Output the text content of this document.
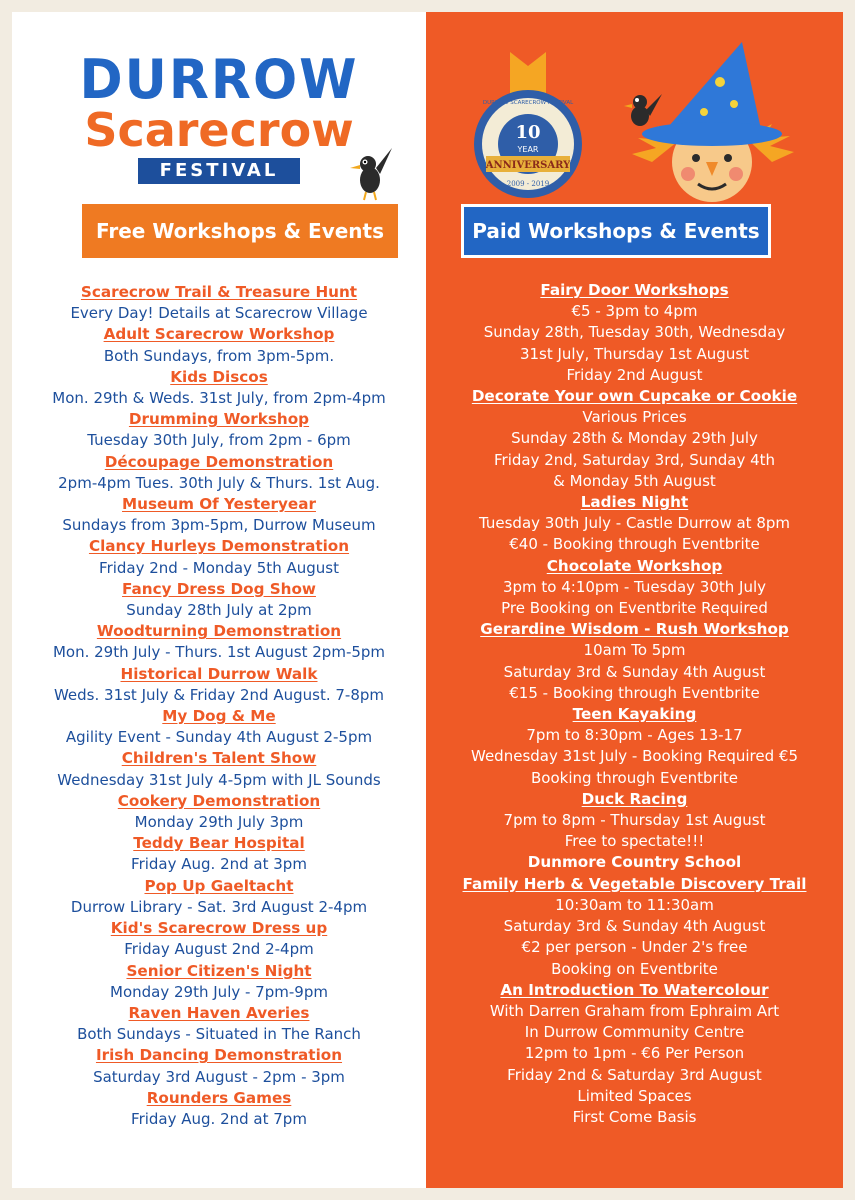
DURROW
Scarecrow
FESTIVAL
Free Workshops & Events
Scarecrow Trail & Treasure Hunt
Every Day! Details at Scarecrow Village
Adult Scarecrow Workshop
Both Sundays, from 3pm-5pm.
Kids Discos
Mon. 29th & Weds. 31st July, from 2pm-4pm
Drumming Workshop
Tuesday 30th July, from 2pm - 6pm
Découpage Demonstration
2pm-4pm Tues. 30th July & Thurs. 1st Aug.
Museum Of Yesteryear
Sundays from 3pm-5pm, Durrow Museum
Clancy Hurleys Demonstration
Friday 2nd - Monday 5th August
Fancy Dress Dog Show
Sunday 28th July at 2pm
Woodturning Demonstration
Mon. 29th July - Thurs. 1st August 2pm-5pm
Historical Durrow Walk
Weds. 31st July & Friday 2nd August. 7-8pm
My Dog & Me
Agility Event - Sunday 4th August 2-5pm
Children's Talent Show
Wednesday 31st July 4-5pm with JL Sounds
Cookery Demonstration
Monday 29th July 3pm
Teddy Bear Hospital
Friday Aug. 2nd at 3pm
Pop Up Gaeltacht
Durrow Library - Sat. 3rd August 2-4pm
Kid's Scarecrow Dress up
Friday August 2nd 2-4pm
Senior Citizen's Night
Monday 29th July - 7pm-9pm
Raven Haven Averies
Both Sundays - Situated in The Ranch
Irish Dancing Demonstration
Saturday 3rd August - 2pm - 3pm
Rounders Games
Friday Aug. 2nd at 7pm
10
YEAR
ANNIVERSARY
2009 - 2019
DURROW SCARECROW FESTIVAL
Paid Workshops & Events
Fairy Door Workshops
€5 - 3pm to 4pm
Sunday 28th, Tuesday 30th, Wednesday
31st July, Thursday 1st August
Friday 2nd August
Decorate Your own Cupcake or Cookie
Various Prices
Sunday 28th & Monday 29th July
Friday 2nd, Saturday 3rd, Sunday 4th
& Monday 5th August
Ladies Night
Tuesday 30th July - Castle Durrow at 8pm
€40 - Booking through Eventbrite
Chocolate Workshop
3pm to 4:10pm - Tuesday 30th July
Pre Booking on Eventbrite Required
Gerardine Wisdom - Rush Workshop
10am To 5pm
Saturday 3rd & Sunday 4th August
€15 - Booking through Eventbrite
Teen Kayaking
7pm to 8:30pm - Ages 13-17
Wednesday 31st July - Booking Required €5
Booking through Eventbrite
Duck Racing
7pm to 8pm - Thursday 1st August
Free to spectate!!!
Dunmore Country School
Family Herb & Vegetable Discovery Trail
10:30am to 11:30am
Saturday 3rd & Sunday 4th August
€2 per person - Under 2's free
Booking on Eventbrite
An Introduction To Watercolour
With Darren Graham from Ephraim Art
In Durrow Community Centre
12pm to 1pm - €6 Per Person
Friday 2nd & Saturday 3rd August
Limited Spaces
First Come Basis
